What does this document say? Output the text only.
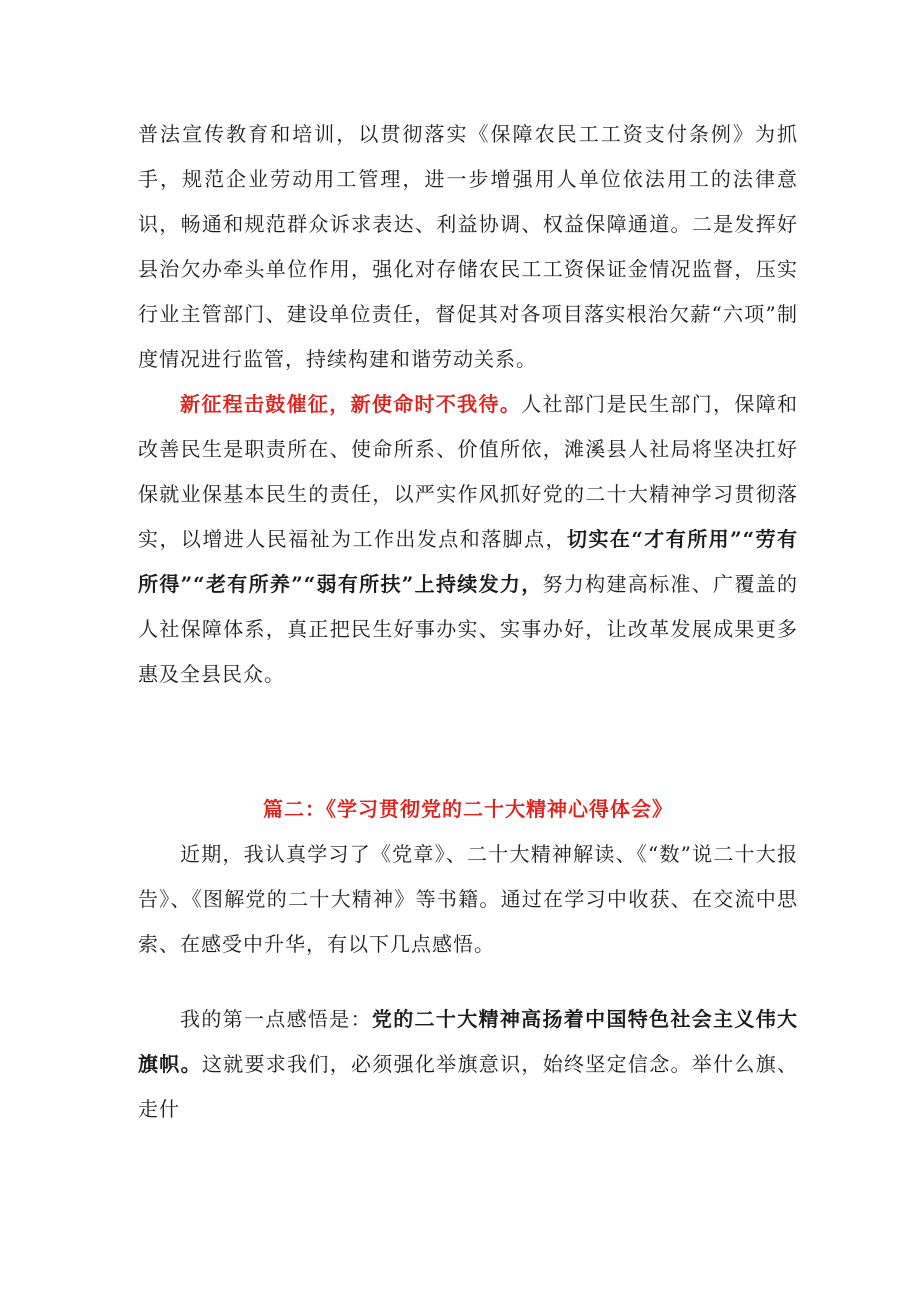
普法宣传教育和培训，以贯彻落实《保障农民工工资支付条例》为抓手，规范企业劳动用工管理，进一步增强用人单位依法用工的法律意识，畅通和规范群众诉求表达、利益协调、权益保障通道。二是发挥好县治欠办牵头单位作用，强化对存储农民工工资保证金情况监督，压实行业主管部门、建设单位责任，督促其对各项目落实根治欠薪“六项”制度情况进行监管，持续构建和谐劳动关系。

新征程击鼓催征，新使命时不我待。人社部门是民生部门，保障和改善民生是职责所在、使命所系、价值所依，滩溪县人社局将坚决扛好保就业保基本民生的责任，以严实作风抓好党的二十大精神学习贯彻落实，以增进人民福祉为工作出发点和落脚点，切实在“才有所用”“劳有所得”“老有所养”“弱有所扶”上持续发力，努力构建高标准、广覆盖的人社保障体系，真正把民生好事办实、实事办好，让改革发展成果更多惠及全县民众。

篇二：《学习贯彻党的二十大精神心得体会》

近期，我认真学习了《党章》、二十大精神解读、《“数”说二十大报告》、《图解党的二十大精神》等书籍。通过在学习中收获、在交流中思索、在感受中升华，有以下几点感悟。

我的第一点感悟是：党的二十大精神高扬着中国特色社会主义伟大旗帜。这就要求我们，必须强化举旗意识，始终坚定信念。举什么旗、走什
